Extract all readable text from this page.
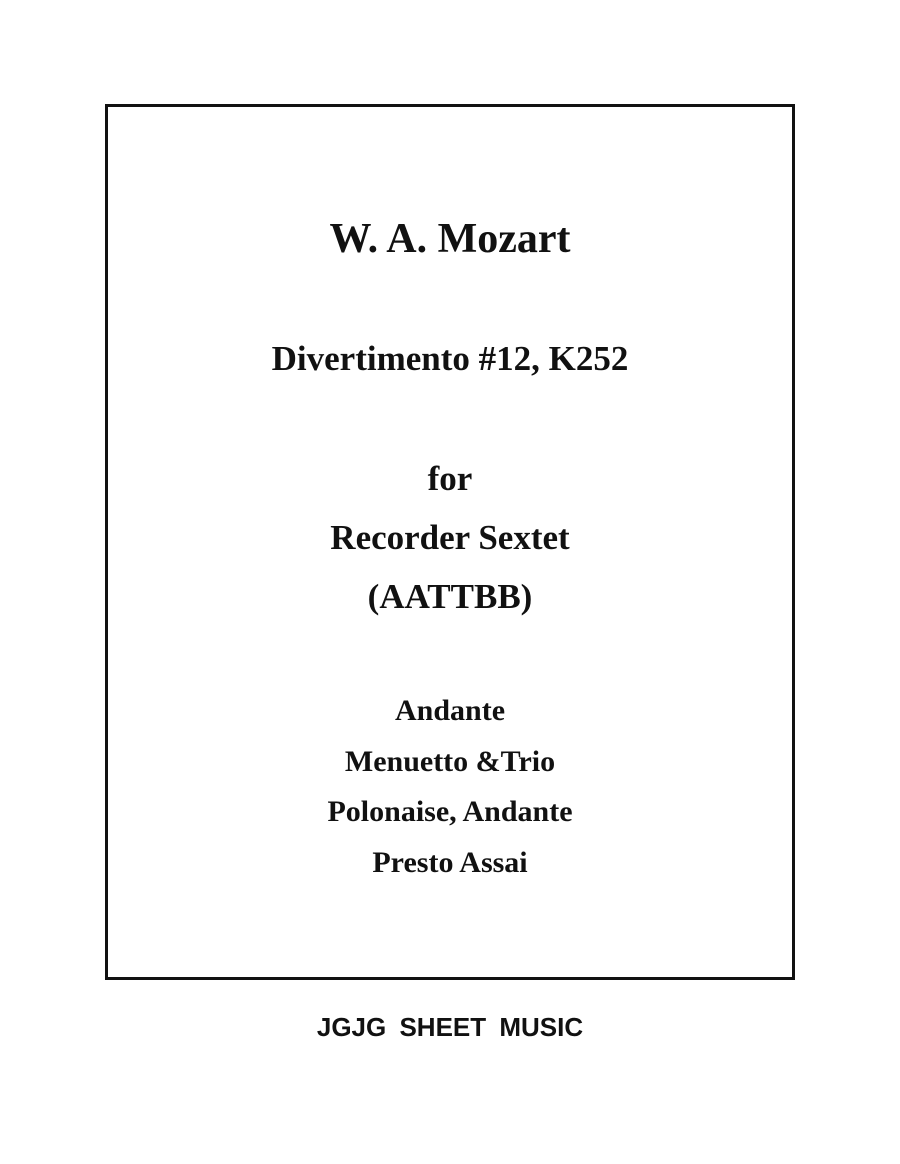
W. A. Mozart
Divertimento #12, K252
for
Recorder Sextet
(AATTBB)
Andante
Menuetto &Trio
Polonaise, Andante
Presto Assai
JGJG SHEET MUSIC
